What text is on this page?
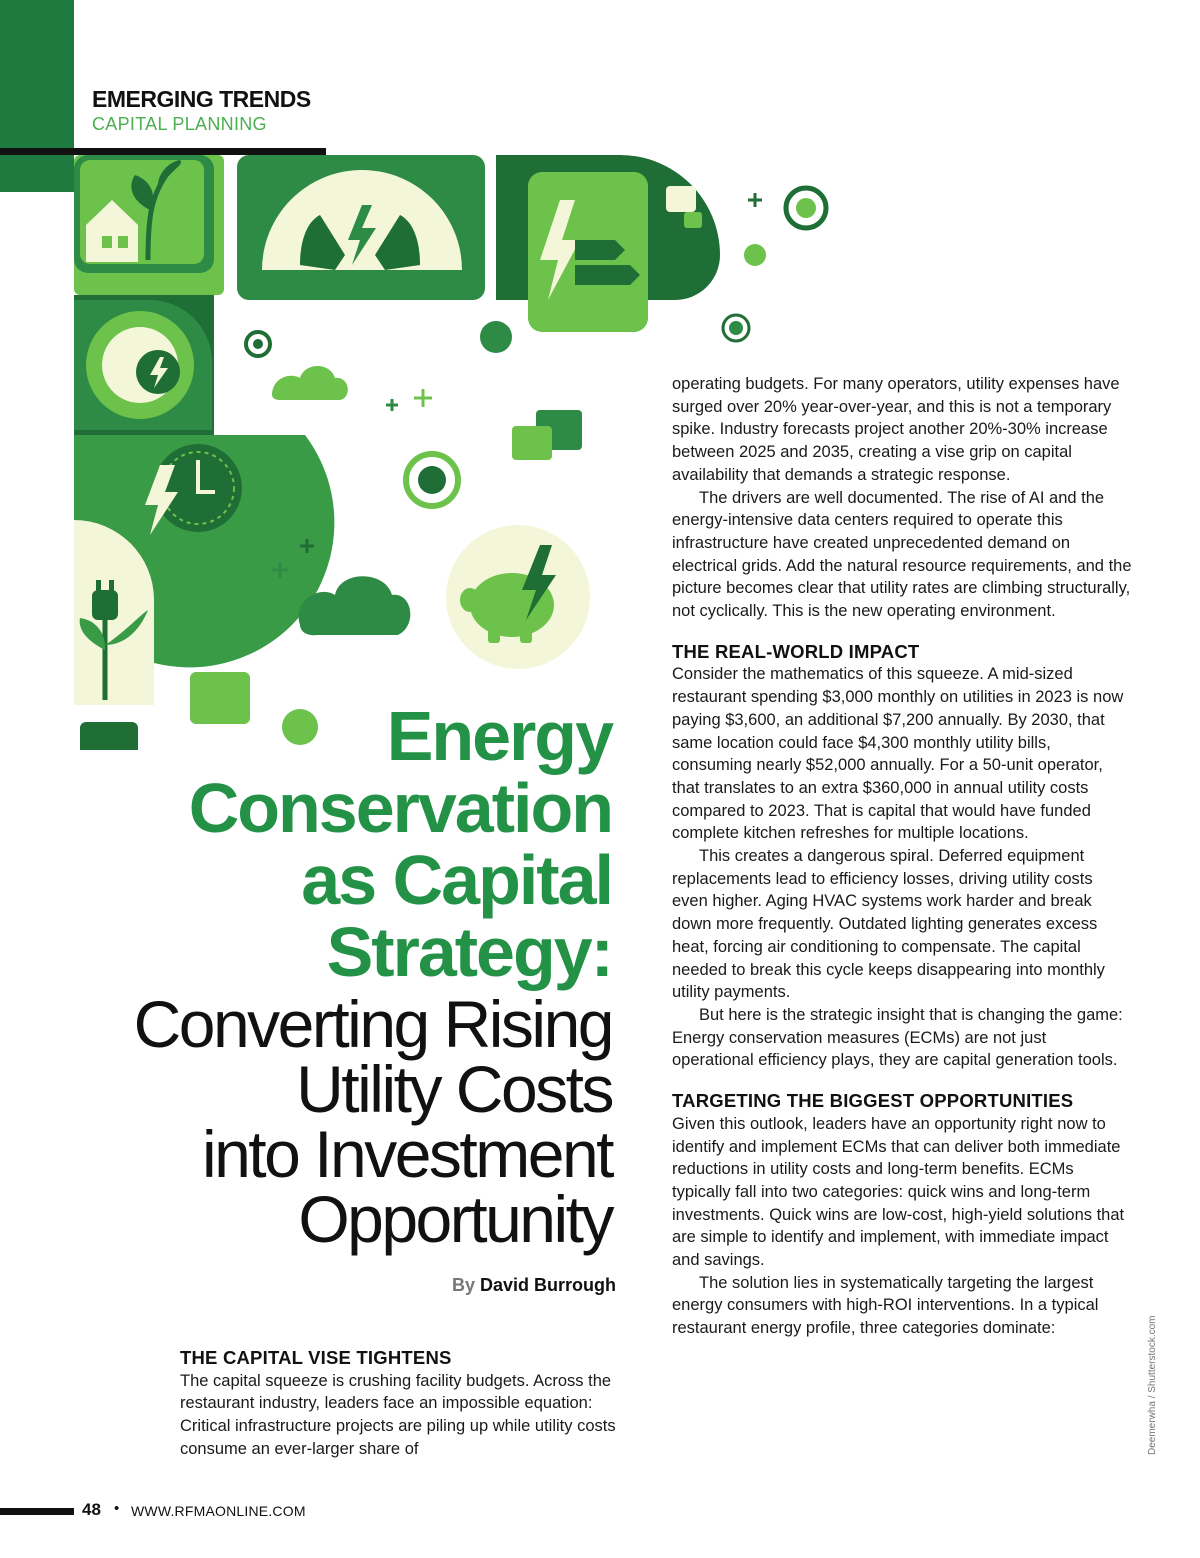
EMERGING TRENDS
CAPITAL PLANNING
Energy
Conservation
as Capital
Strategy:
Converting Rising
Utility Costs
into Investment
Opportunity
By David Burrough
THE CAPITAL VISE TIGHTENS

The capital squeeze is crushing facility budgets. Across the restaurant industry, leaders face an impossible equation: Critical infrastructure projects are piling up while utility costs consume an ever-larger share of

operating budgets. For many operators, utility expenses have surged over 20% year-over-year, and this is not a temporary spike. Industry forecasts project another 20%-30% increase between 2025 and 2035, creating a vise grip on capital availability that demands a strategic response.

The drivers are well documented. The rise of AI and the energy-intensive data centers required to operate this infrastructure have created unprecedented demand on electrical grids. Add the natural resource requirements, and the picture becomes clear that utility rates are climbing structurally, not cyclically. This is the new operating environment.

THE REAL-WORLD IMPACT

Consider the mathematics of this squeeze. A mid-sized restaurant spending $3,000 monthly on utilities in 2023 is now paying $3,600, an additional $7,200 annually. By 2030, that same location could face $4,300 monthly utility bills, consuming nearly $52,000 annually. For a 50-unit operator, that translates to an extra $360,000 in annual utility costs compared to 2023. That is capital that would have funded complete kitchen refreshes for multiple locations.

This creates a dangerous spiral. Deferred equipment replacements lead to efficiency losses, driving utility costs even higher. Aging HVAC systems work harder and break down more frequently. Outdated lighting generates excess heat, forcing air conditioning to compensate. The capital needed to break this cycle keeps disappearing into monthly utility payments.

But here is the strategic insight that is changing the game: Energy conservation measures (ECMs) are not just operational efficiency plays, they are capital generation tools.

TARGETING THE BIGGEST OPPORTUNITIES

Given this outlook, leaders have an opportunity right now to identify and implement ECMs that can deliver both immediate reductions in utility costs and long-term benefits. ECMs typically fall into two categories: quick wins and long-term investments. Quick wins are low-cost, high-yield solutions that are simple to identify and implement, with immediate impact and savings.

The solution lies in systematically targeting the largest energy consumers with high-ROI interventions. In a typical restaurant energy profile, three categories dominate:	Deemerwha / Shutterstock.com
48 • WWW.RFMAONLINE.COM
